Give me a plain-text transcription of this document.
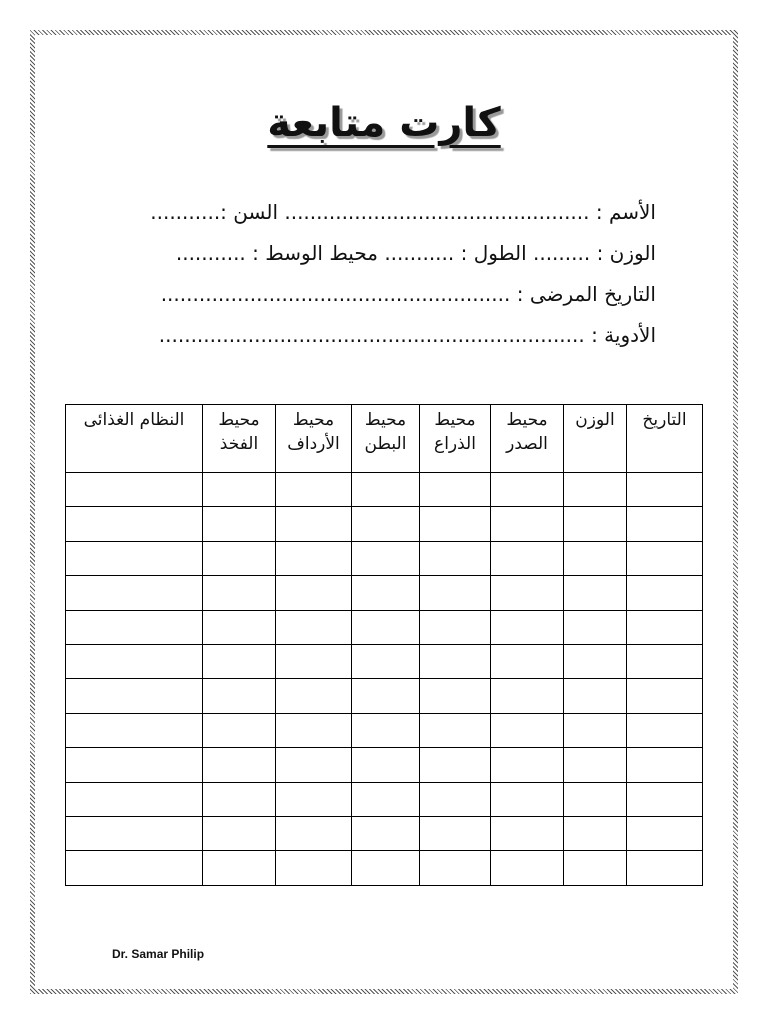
كارت متابعة
الأسم : ................................................ السن :...........
الوزن : ......... الطول : ........... محيط الوسط : ...........
التاريخ المرضى : .......................................................
الأدوية : ...................................................................
التاريخ	الوزن	محيط الصدر	محيط الذراع	محيط البطن	محيط الأرداف	محيط الفخذ	النظام الغذائى

Dr. Samar Philip
